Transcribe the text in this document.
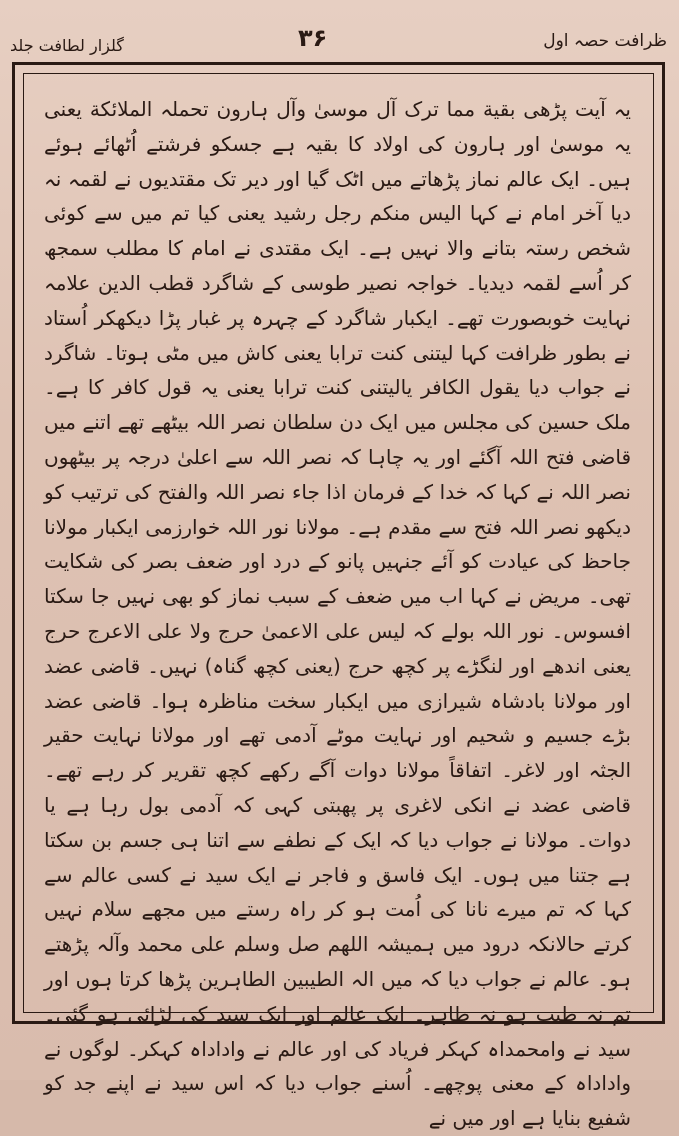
ظرافت حصہ اول
۳۶
گلزار لطافت جلد

یہ آیت پڑھی بقیة مما ترک آل موسیٰ وآل ہارون تحملہ الملائکة یعنی یہ موسیٰ اور ہارون کی اولاد کا بقیہ ہے جسکو فرشتے اُٹھائے ہوئے ہیں۔ ایک عالم نماز پڑھاتے میں اٹک گیا اور دیر تک مقتدیوں نے لقمہ نہ دیا آخر امام نے کہا الیس منکم رجل رشید یعنی کیا تم میں سے کوئی شخص رستہ بتانے والا نہیں ہے۔ ایک مقتدی نے امام کا مطلب سمجھ کر اُسے لقمہ دیدیا۔ خواجہ نصیر طوسی کے شاگرد قطب الدین علامہ نہایت خوبصورت تھے۔ ایکبار شاگرد کے چہرہ پر غبار پڑا دیکھکر اُستاد نے بطور ظرافت کہا لیتنی کنت ترابا یعنی کاش میں مٹی ہوتا۔ شاگرد نے جواب دیا یقول الکافر یالیتنی کنت ترابا یعنی یہ قول کافر کا ہے۔ ملک حسین کی مجلس میں ایک دن سلطان نصر اللہ بیٹھے تھے اتنے میں قاضی فتح اللہ آگئے اور یہ چاہا کہ نصر اللہ سے اعلیٰ درجہ پر بیٹھوں نصر اللہ نے کہا کہ خدا کے فرمان اذا جاء نصر اللہ والفتح کی ترتیب کو دیکھو نصر اللہ فتح سے مقدم ہے۔ مولانا نور اللہ خوارزمی ایکبار مولانا جاحظ کی عیادت کو آئے جنہیں پانو کے درد اور ضعف بصر کی شکایت تھی۔ مریض نے کہا اب میں ضعف کے سبب نماز کو بھی نہیں جا سکتا افسوس۔ نور اللہ بولے کہ لیس علی الاعمیٰ حرج ولا علی الاعرج حرج یعنی اندھے اور لنگڑے پر کچھ حرج (یعنی کچھ گناہ) نہیں۔ قاضی عضد اور مولانا بادشاہ شیرازی میں ایکبار سخت مناظرہ ہوا۔ قاضی عضد بڑے جسیم و شحیم اور نہایت موٹے آدمی تھے اور مولانا نہایت حقیر الجثہ اور لاغر۔ اتفاقاً مولانا دوات آگے رکھے کچھ تقریر کر رہے تھے۔ قاضی عضد نے انکی لاغری پر پھبتی کہی کہ آدمی بول رہا ہے یا دوات۔ مولانا نے جواب دیا کہ ایک کے نطفے سے اتنا ہی جسم بن سکتا ہے جتنا میں ہوں۔ ایک فاسق و فاجر نے ایک سید نے کسی عالم سے کہا کہ تم میرے نانا کی اُمت ہو کر راہ رستے میں مجھے سلام نہیں کرتے حالانکہ درود میں ہمیشہ اللھم صل وسلم علی محمد وآلہ پڑھتے ہو۔ عالم نے جواب دیا کہ میں الہ الطیبین الطاہرین پڑھا کرتا ہوں اور تم نہ طیب ہو نہ طاہر۔ ایک عالم اور ایک سید کی لڑائی ہو گئی۔ سید نے وامحمداہ کہکر فریاد کی اور عالم نے واداداہ کہکر۔ لوگوں نے واداداہ کے معنی پوچھے۔ اُسنے جواب دیا کہ اس سید نے اپنے جد کو شفیع بنایا ہے اور میں نے
